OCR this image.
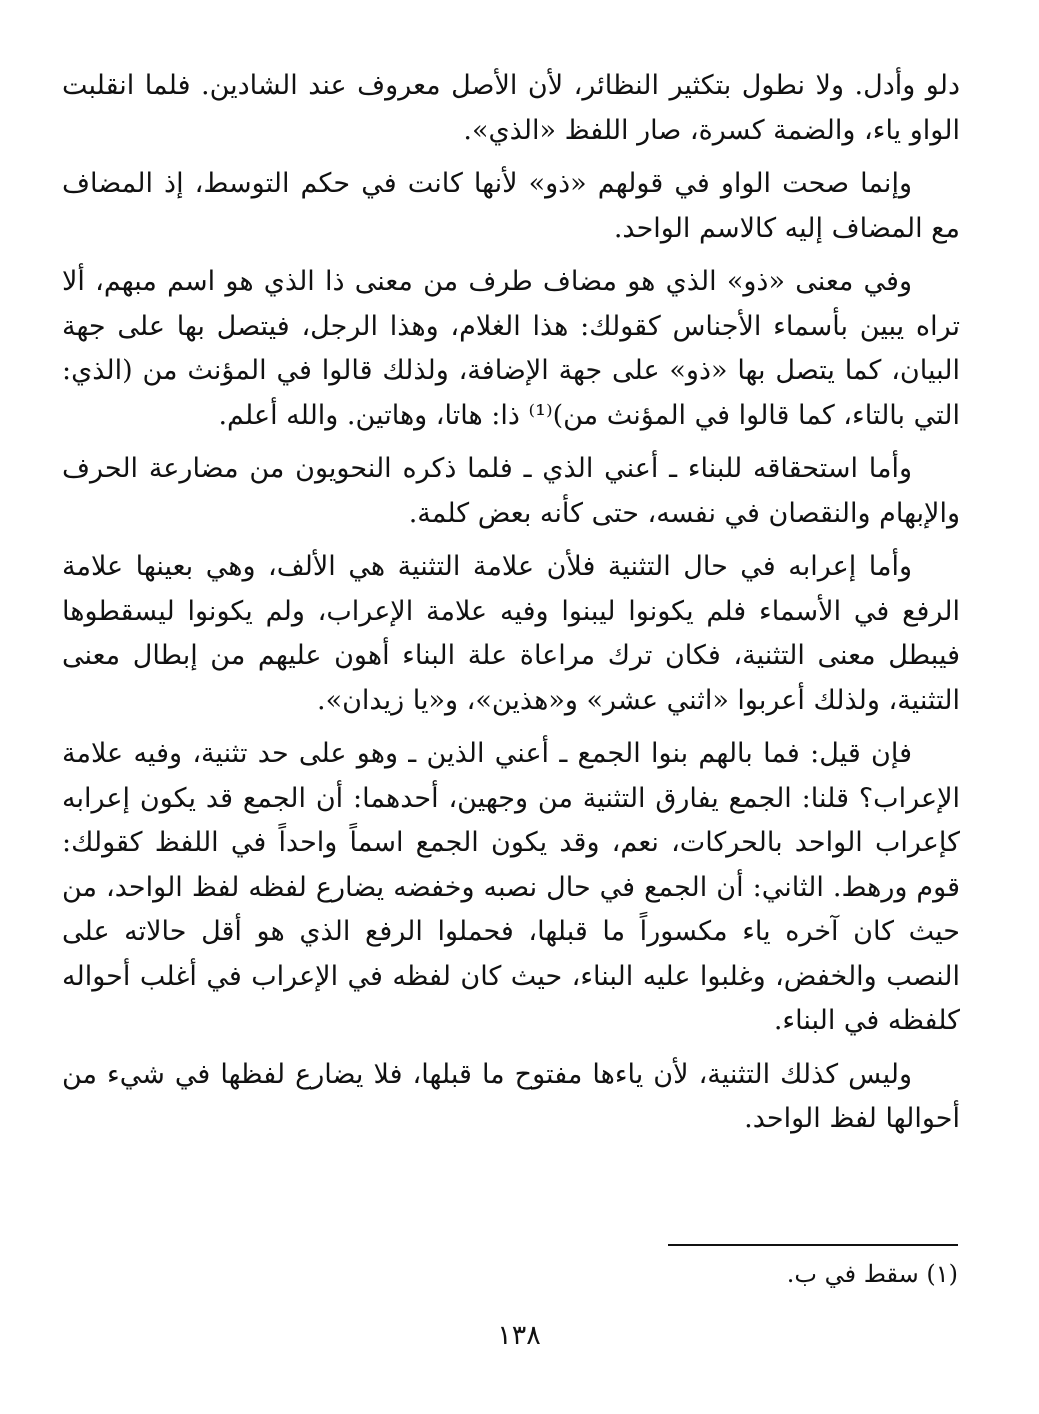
دلو وأدل. ولا نطول بتكثير النظائر، لأن الأصل معروف عند الشادين. فلما انقلبت الواو ياء، والضمة كسرة، صار اللفظ «الذي».

وإنما صحت الواو في قولهم «ذو» لأنها كانت في حكم التوسط، إذ المضاف مع المضاف إليه كالاسم الواحد.

وفي معنى «ذو» الذي هو مضاف طرف من معنى ذا الذي هو اسم مبهم، ألا تراه يبين بأسماء الأجناس كقولك: هذا الغلام، وهذا الرجل، فيتصل بها على جهة البيان، كما يتصل بها «ذو» على جهة الإضافة، ولذلك قالوا في المؤنث من (الذي: التي بالتاء، كما قالوا في المؤنث من)⁽¹⁾ ذا: هاتا، وهاتين. والله أعلم.

وأما استحقاقه للبناء ـ أعني الذي ـ فلما ذكره النحويون من مضارعة الحرف والإبهام والنقصان في نفسه، حتى كأنه بعض كلمة.

وأما إعرابه في حال التثنية فلأن علامة التثنية هي الألف، وهي بعينها علامة الرفع في الأسماء فلم يكونوا ليبنوا وفيه علامة الإعراب، ولم يكونوا ليسقطوها فيبطل معنى التثنية، فكان ترك مراعاة علة البناء أهون عليهم من إبطال معنى التثنية، ولذلك أعربوا «اثني عشر» و«هذين»، و«يا زيدان».

فإن قيل: فما بالهم بنوا الجمع ـ أعني الذين ـ وهو على حد تثنية، وفيه علامة الإعراب؟ قلنا: الجمع يفارق التثنية من وجهين، أحدهما: أن الجمع قد يكون إعرابه كإعراب الواحد بالحركات، نعم، وقد يكون الجمع اسماً واحداً في اللفظ كقولك: قوم ورهط. الثاني: أن الجمع في حال نصبه وخفضه يضارع لفظه لفظ الواحد، من حيث كان آخره ياء مكسوراً ما قبلها، فحملوا الرفع الذي هو أقل حالاته على النصب والخفض، وغلبوا عليه البناء، حيث كان لفظه في الإعراب في أغلب أحواله كلفظه في البناء.

وليس كذلك التثنية، لأن ياءها مفتوح ما قبلها، فلا يضارع لفظها في شيء من أحوالها لفظ الواحد.

(١) سقط في ب.
١٣٨
